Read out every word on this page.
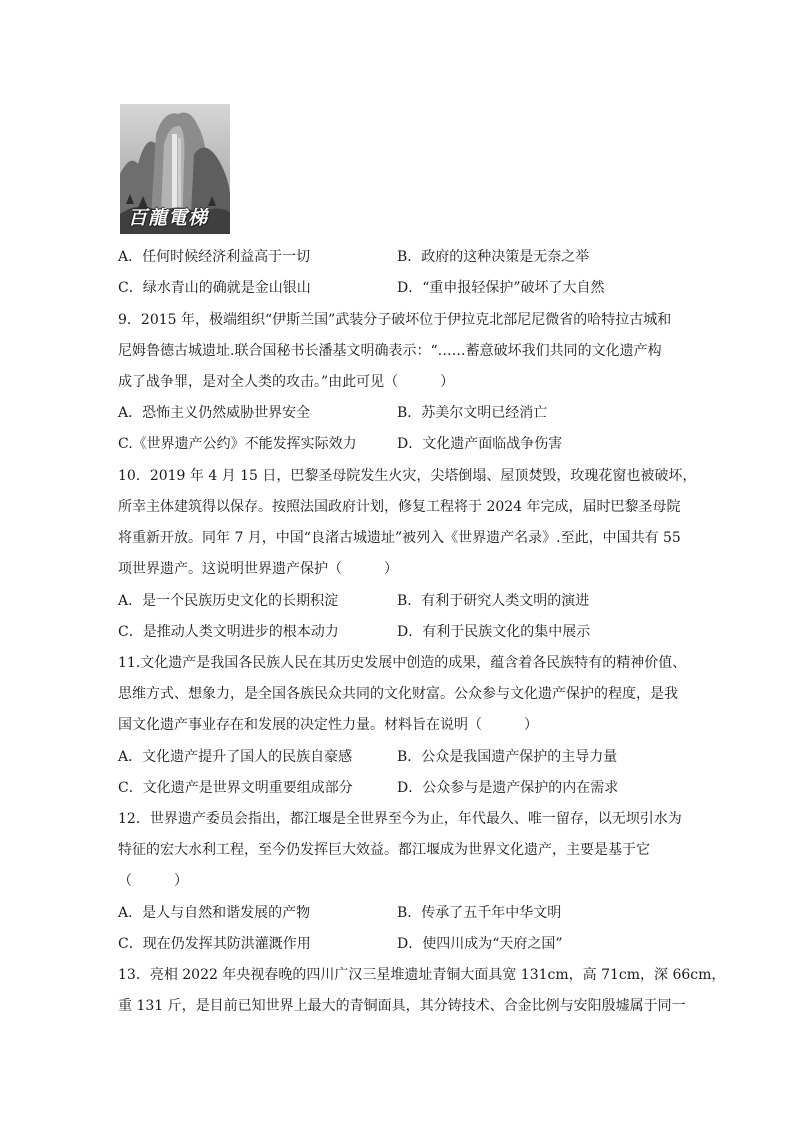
百龍電梯
A．任何时候经济利益高于一切	B．政府的这种决策是无奈之举
C．绿水青山的确就是金山银山	D．“重申报轻保护”破坏了大自然
9．2015 年，极端组织“伊斯兰国”武装分子破坏位于伊拉克北部尼尼微省的哈特拉古城和
尼姆鲁德古城遗址.联合国秘书长潘基文明确表示：“……蓄意破坏我们共同的文化遗产构
成了战争罪，是对全人类的攻击。”由此可见（　　　）
A．恐怖主义仍然威胁世界安全	B．苏美尔文明已经消亡
C.《世界遗产公约》不能发挥实际效力	D．文化遗产面临战争伤害
10．2019 年 4 月 15 日，巴黎圣母院发生火灾，尖塔倒塌、屋顶焚毁，玫瑰花窗也被破坏，
所幸主体建筑得以保存。按照法国政府计划，修复工程将于 2024 年完成，届时巴黎圣母院
将重新开放。同年 7 月，中国“良渚古城遗址”被列入《世界遗产名录》.至此，中国共有 55
项世界遗产。这说明世界遗产保护（　　　）
A．是一个民族历史文化的长期积淀	B．有利于研究人类文明的演进
C．是推动人类文明进步的根本动力	D．有利于民族文化的集中展示
11.文化遗产是我国各民族人民在其历史发展中创造的成果，蕴含着各民族特有的精神价值、
思维方式、想象力，是全国各族民众共同的文化财富。公众参与文化遗产保护的程度，是我
国文化遗产事业存在和发展的决定性力量。材料旨在说明（　　　）
A．文化遗产提升了国人的民族自豪感	B．公众是我国遗产保护的主导力量
C．文化遗产是世界文明重要组成部分	D．公众参与是遗产保护的内在需求
12．世界遗产委员会指出，都江堰是全世界至今为止，年代最久、唯一留存，以无坝引水为
特征的宏大水利工程，至今仍发挥巨大效益。都江堰成为世界文化遗产，主要是基于它
（　　　）
A．是人与自然和谐发展的产物	B．传承了五千年中华文明
C．现在仍发挥其防洪灌溉作用	D．使四川成为“天府之国”
13．亮相 2022 年央视春晚的四川广汉三星堆遗址青铜大面具宽 131cm，高 71cm，深 66cm，
重 131 斤，是目前已知世界上最大的青铜面具，其分铸技术、合金比例与安阳殷墟属于同一
